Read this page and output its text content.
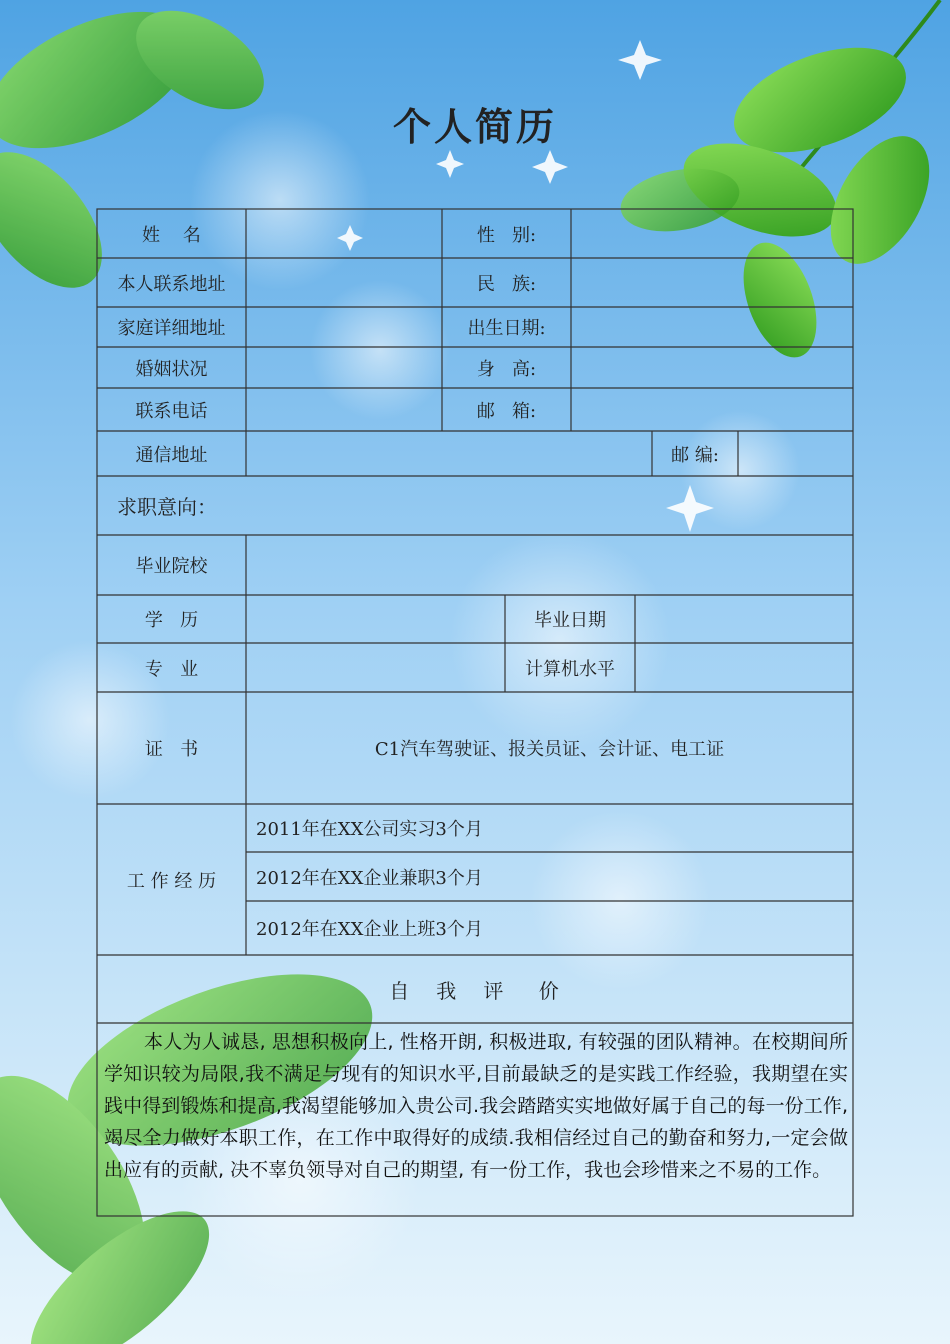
个人简历
姓    名	性   别:
本人联系地址	民   族:
家庭详细地址	出生日期:
婚姻状况	身   高:
联系电话	邮   箱:
通信地址	邮 编:
求职意向：
毕业院校
学   历	毕业日期
专   业	计算机水平
证   书	C1汽车驾驶证、报关员证、会计证、电工证
工 作 经 历
2011年在XX公司实习3个月
2012年在XX企业兼职3个月
2012年在XX企业上班3个月
自   我   评    价
本人为人诚恳, 思想积极向上, 性格开朗, 积极进取, 有较强的团队精神。在校期间所学知识较为局限,我不满足与现有的知识水平,目前最缺乏的是实践工作经验，我期望在实践中得到锻炼和提高,我渴望能够加入贵公司.我会踏踏实实地做好属于自己的每一份工作,竭尽全力做好本职工作，在工作中取得好的成绩.我相信经过自己的勤奋和努力,一定会做出应有的贡献, 决不辜负领导对自己的期望, 有一份工作，我也会珍惜来之不易的工作。
